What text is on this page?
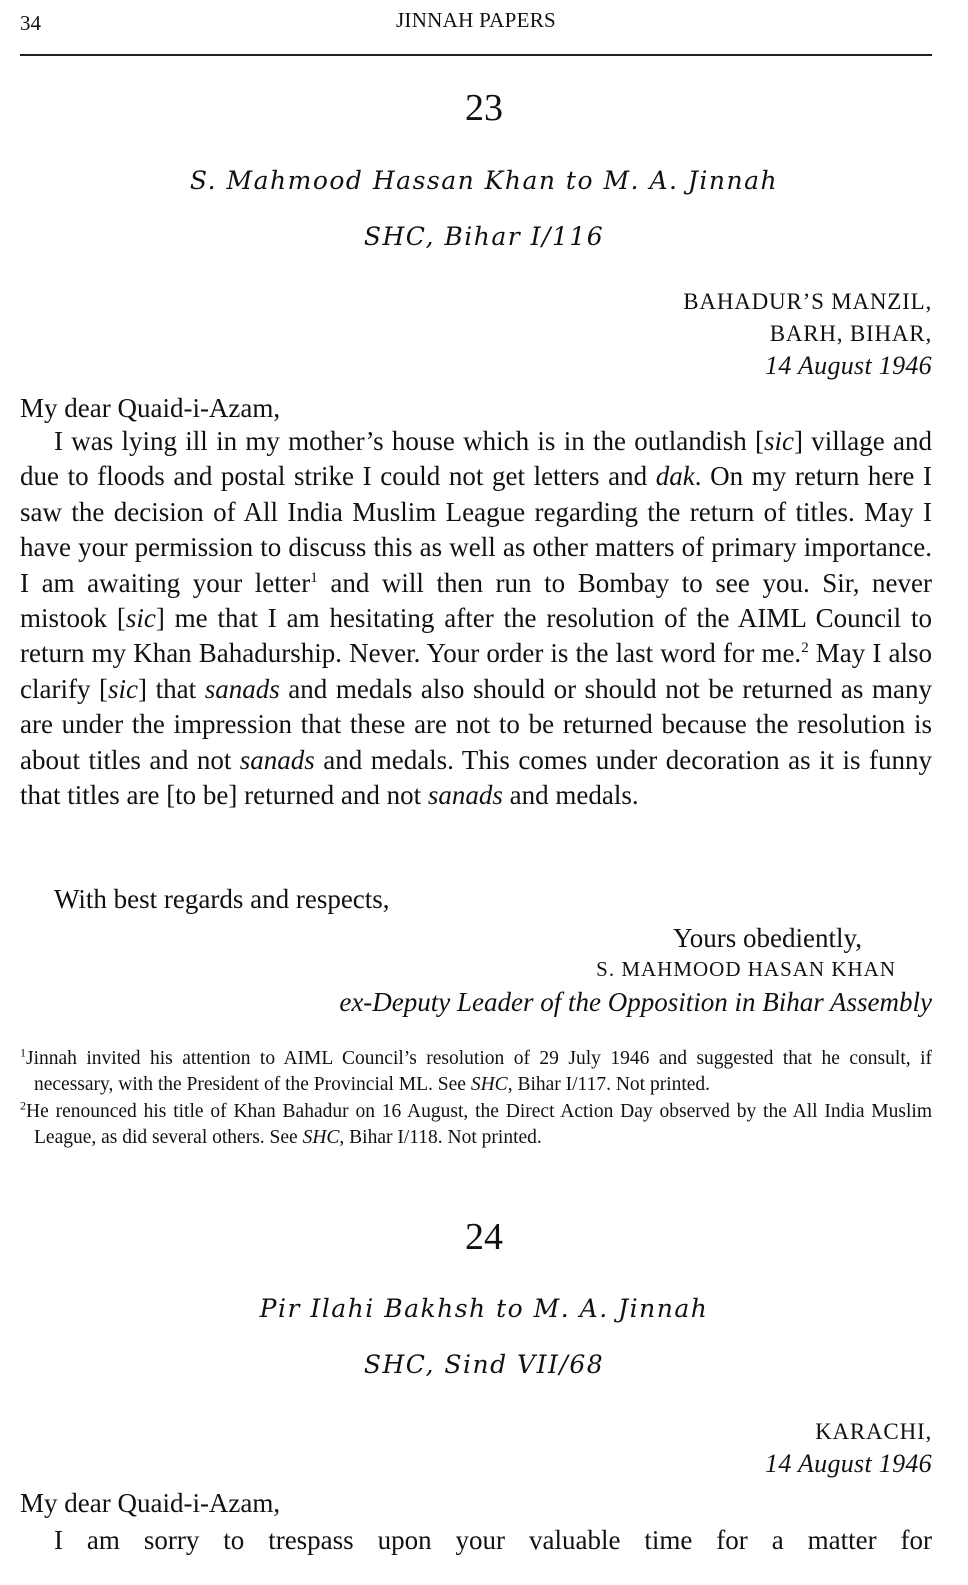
34	JINNAH PAPERS
23
S. Mahmood Hassan Khan to M. A. Jinnah
SHC, Bihar I/116
BAHADUR’S MANZIL,
BARH, BIHAR,
14 August 1946
My dear Quaid-i-Azam,

I was lying ill in my mother’s house which is in the outlandish [sic] village and due to floods and postal strike I could not get letters and dak. On my return here I saw the decision of All India Muslim League regarding the return of titles. May I have your permission to discuss this as well as other matters of primary importance. I am awaiting your letter$^1$ and will then run to Bombay to see you. Sir, never mistook [sic] me that I am hesitating after the resolution of the AIML Council to return my Khan Bahadurship. Never. Your order is the last word for me.$^2$ May I also clarify [sic] that sanads and medals also should or should not be returned as many are under the impression that these are not to be returned because the resolution is about titles and not sanads and medals. This comes under decoration as it is funny that titles are [to be] returned and not sanads and medals.

With best regards and respects,
Yours obediently,
S. MAHMOOD HASAN KHAN
ex-Deputy Leader of the Opposition in Bihar Assembly

$^1$Jinnah invited his attention to AIML Council’s resolution of 29 July 1946 and suggested that he consult, if necessary, with the President of the Provincial ML. See SHC, Bihar I/117. Not printed.

$^2$He renounced his title of Khan Bahadur on 16 August, the Direct Action Day observed by the All India Muslim League, as did several others. See SHC, Bihar I/118. Not printed.

24
Pir Ilahi Bakhsh to M. A. Jinnah
SHC, Sind VII/68
KARACHI,
14 August 1946
My dear Quaid-i-Azam,

I am sorry to trespass upon your valuable time for a matter for
